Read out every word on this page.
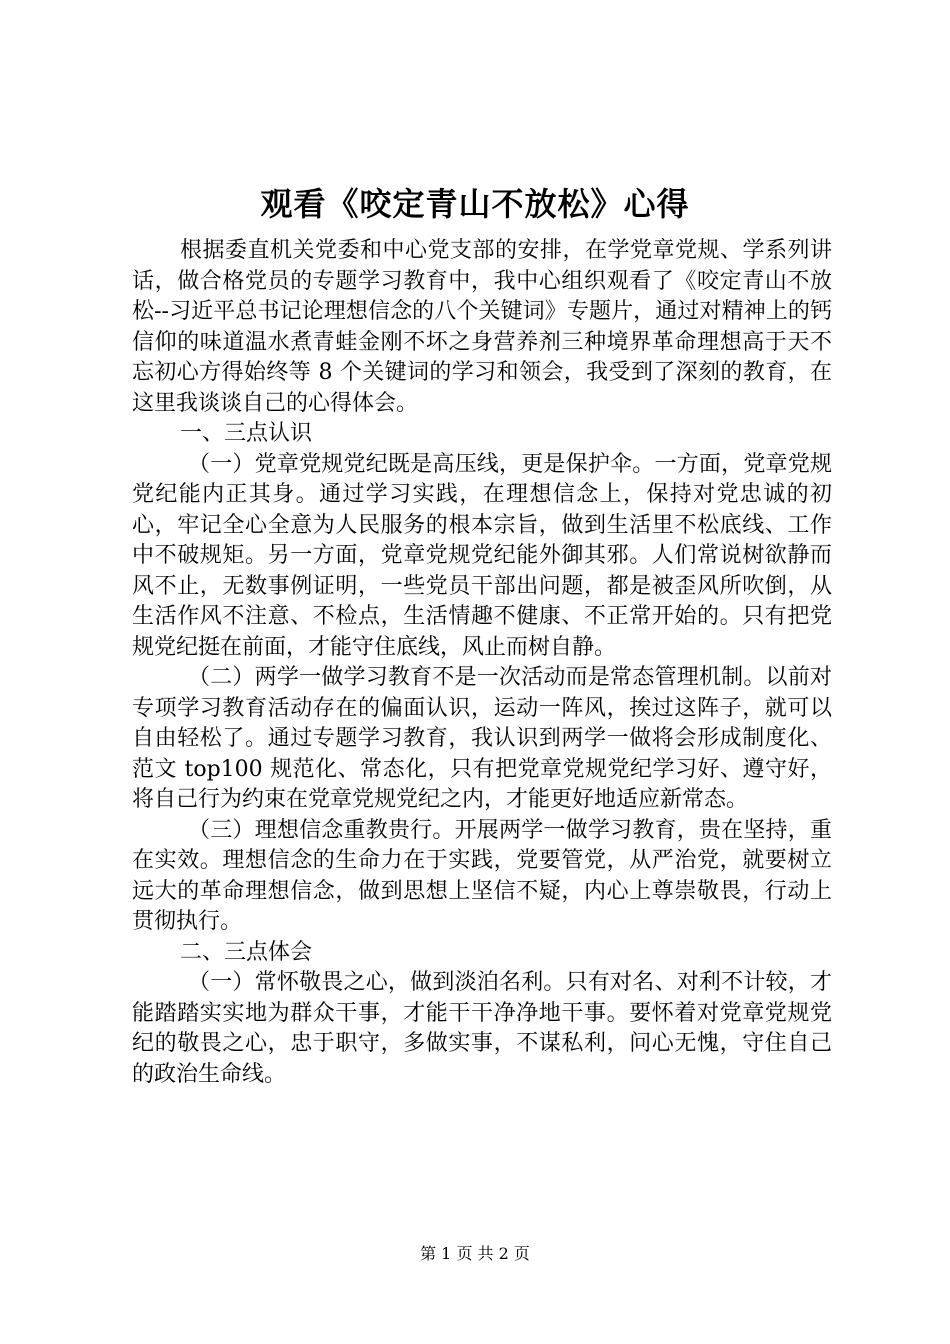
观看《咬定青山不放松》心得

根据委直机关党委和中心党支部的安排，在学党章党规、学系列讲话，做合格党员的专题学习教育中，我中心组织观看了《咬定青山不放松--习近平总书记论理想信念的八个关键词》专题片，通过对精神上的钙信仰的味道温水煮青蛙金刚不坏之身营养剂三种境界革命理想高于天不忘初心方得始终等 8 个关键词的学习和领会，我受到了深刻的教育，在这里我谈谈自己的心得体会。

一、三点认识

（一）党章党规党纪既是高压线，更是保护伞。一方面，党章党规党纪能内正其身。通过学习实践，在理想信念上，保持对党忠诚的初心，牢记全心全意为人民服务的根本宗旨，做到生活里不松底线、工作中不破规矩。另一方面，党章党规党纪能外御其邪。人们常说树欲静而风不止，无数事例证明，一些党员干部出问题，都是被歪风所吹倒，从生活作风不注意、不检点，生活情趣不健康、不正常开始的。只有把党规党纪挺在前面，才能守住底线，风止而树自静。

（二）两学一做学习教育不是一次活动而是常态管理机制。以前对专项学习教育活动存在的偏面认识，运动一阵风，挨过这阵子，就可以自由轻松了。通过专题学习教育，我认识到两学一做将会形成制度化、范文 top100 规范化、常态化，只有把党章党规党纪学习好、遵守好，将自己行为约束在党章党规党纪之内，才能更好地适应新常态。

（三）理想信念重教贵行。开展两学一做学习教育，贵在坚持，重在实效。理想信念的生命力在于实践，党要管党，从严治党，就要树立远大的革命理想信念，做到思想上坚信不疑，内心上尊崇敬畏，行动上贯彻执行。

二、三点体会

（一）常怀敬畏之心，做到淡泊名利。只有对名、对利不计较，才能踏踏实实地为群众干事，才能干干净净地干事。要怀着对党章党规党纪的敬畏之心，忠于职守，多做实事，不谋私利，问心无愧，守住自己的政治生命线。

第 1 页 共 2 页
